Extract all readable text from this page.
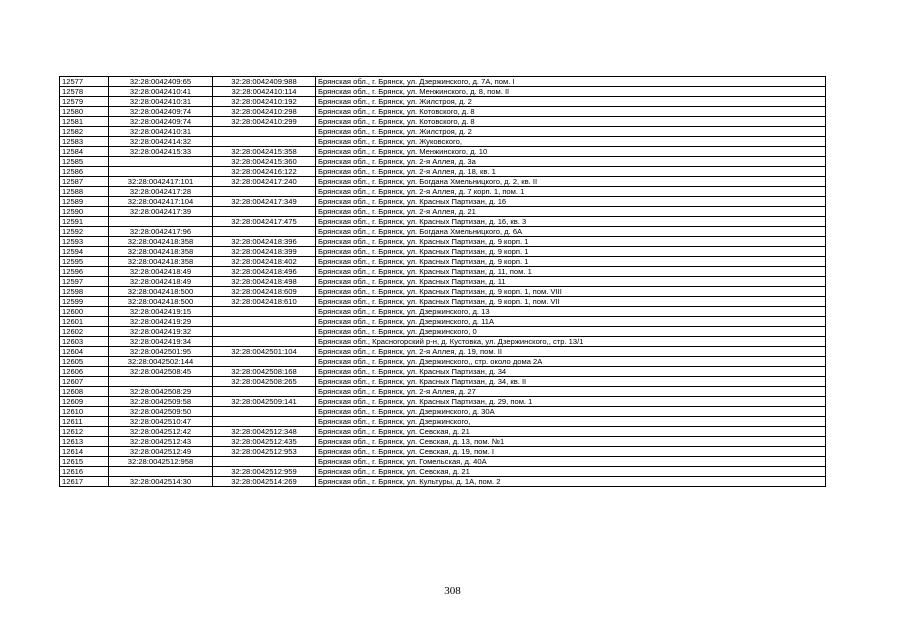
12577	32:28:0042409:65	32:28:0042409:988	Брянская обл., г. Брянск, ул. Дзержинского, д. 7А, пом. I
12578	32:28:0042410:41	32:28:0042410:114	Брянская обл., г. Брянск, ул. Менжинского, д. 8, пом. II
12579	32:28:0042410:31	32:28:0042410:192	Брянская обл., г. Брянск, ул. Жилстроя, д. 2
12580	32:28:0042409:74	32:28:0042410:298	Брянская обл., г. Брянск, ул. Котовского, д. 8
12581	32:28:0042409:74	32:28:0042410:299	Брянская обл., г. Брянск, ул. Котовского, д. 8
12582	32:28:0042410:31		Брянская обл., г. Брянск, ул. Жилстроя, д. 2
12583	32:28:0042414:32		Брянская обл., г. Брянск, ул. Жуковского,
12584	32:28:0042415:33	32:28:0042415:358	Брянская обл., г. Брянск, ул. Менжинского, д. 10
12585		32:28:0042415:360	Брянская обл., г. Брянск, ул. 2-я Аллея, д. 3а
12586		32:28:0042416:122	Брянская обл., г. Брянск, ул. 2-я Аллея, д. 18, кв. 1
12587	32:28:0042417:101	32:28:0042417:240	Брянская обл., г. Брянск, ул. Богдана Хмельницкого, д. 2, кв. II
12588	32:28:0042417:28		Брянская обл., г. Брянск, ул. 2-я Аллея, д. 7 корп. 1, пом. 1
12589	32:28:0042417:104	32:28:0042417:349	Брянская обл., г. Брянск, ул. Красных Партизан, д. 16
12590	32:28:0042417:39		Брянская обл., г. Брянск, ул. 2-я Аллея, д. 21
12591		32:28:0042417:475	Брянская обл., г. Брянск, ул. Красных Партизан, д. 16, кв. 3
12592	32:28:0042417:96		Брянская обл., г. Брянск, ул. Богдана Хмельницкого, д. 6А
12593	32:28:0042418:358	32:28:0042418:396	Брянская обл., г. Брянск, ул. Красных Партизан, д. 9 корп. 1
12594	32:28:0042418:358	32:28:0042418:399	Брянская обл., г. Брянск, ул. Красных Партизан, д. 9 корп. 1
12595	32:28:0042418:358	32:28:0042418:402	Брянская обл., г. Брянск, ул. Красных Партизан, д. 9 корп. 1
12596	32:28:0042418:49	32:28:0042418:496	Брянская обл., г. Брянск, ул. Красных Партизан, д. 11, пом. 1
12597	32:28:0042418:49	32:28:0042418:498	Брянская обл., г. Брянск, ул. Красных Партизан, д. 11
12598	32:28:0042418:500	32:28:0042418:609	Брянская обл., г. Брянск, ул. Красных Партизан, д. 9 корп. 1, пом. VIII
12599	32:28:0042418:500	32:28:0042418:610	Брянская обл., г. Брянск, ул. Красных Партизан, д. 9 корп. 1, пом. VII
12600	32:28:0042419:15		Брянская обл., г. Брянск, ул. Дзержинского, д. 13
12601	32:28:0042419:29		Брянская обл., г. Брянск, ул. Дзержинского, д. 11А
12602	32:28:0042419:32		Брянская обл., г. Брянск, ул. Дзержинского, 0
12603	32:28:0042419:34		Брянская обл., Красногорский р-н, д. Кустовка, ул. Дзержинского,, стр. 13/1
12604	32:28:0042501:95	32:28:0042501:104	Брянская обл., г. Брянск, ул. 2-я Аллея, д. 19, пом. II
12605	32:28:0042502:144		Брянская обл., г. Брянск, ул. Дзержинского,, стр. около дома 2А
12606	32:28:0042508:45	32:28:0042508:168	Брянская обл., г. Брянск, ул. Красных Партизан, д. 34
12607		32:28:0042508:265	Брянская обл., г. Брянск, ул. Красных Партизан, д. 34, кв. II
12608	32:28:0042508:29		Брянская обл., г. Брянск, ул. 2-я Аллея, д. 27
12609	32:28:0042509:58	32:28:0042509:141	Брянская обл., г. Брянск, ул. Красных Партизан, д. 29, пом. 1
12610	32:28:0042509:50		Брянская обл., г. Брянск, ул. Дзержинского, д. 30А
12611	32:28:0042510:47		Брянская обл., г. Брянск, ул. Дзержинского,
12612	32:28:0042512:42	32:28:0042512:348	Брянская обл., г. Брянск, ул. Севская, д. 21
12613	32:28:0042512:43	32:28:0042512:435	Брянская обл., г. Брянск, ул. Севская, д. 13, пом. №1
12614	32:28:0042512:49	32:28:0042512:953	Брянская обл., г. Брянск, ул. Севская, д. 19, пом. I
12615	32:28:0042512:958		Брянская обл., г. Брянск, ул. Гомельская, д. 40А
12616		32:28:0042512:959	Брянская обл., г. Брянск, ул. Севская, д. 21
12617	32:28:0042514:30	32:28:0042514:269	Брянская обл., г. Брянск, ул. Культуры, д. 1А, пом. 2
308
